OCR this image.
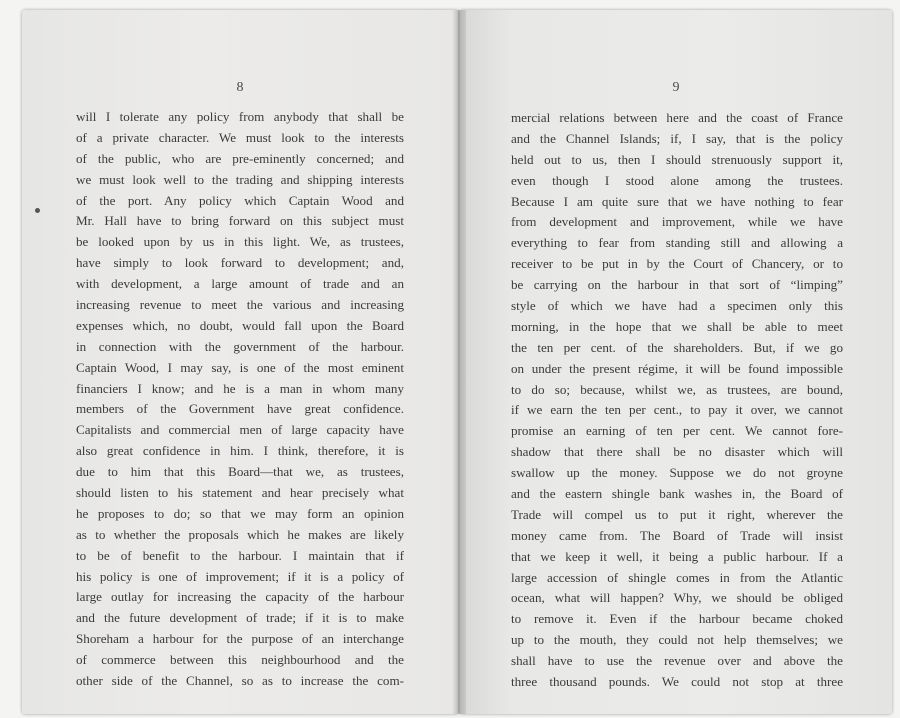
8
will I tolerate any policy from anybody that shall be
of a private character. We must look to the interests
of the public, who are pre-eminently concerned; and
we must look well to the trading and shipping interests
of the port. Any policy which Captain Wood and
Mr. Hall have to bring forward on this subject must
be looked upon by us in this light. We, as trustees,
have simply to look forward to development; and,
with development, a large amount of trade and an
increasing revenue to meet the various and increasing
expenses which, no doubt, would fall upon the Board
in connection with the government of the harbour.
Captain Wood, I may say, is one of the most eminent
financiers I know; and he is a man in whom many
members of the Government have great confidence.
Capitalists and commercial men of large capacity have
also great confidence in him. I think, therefore, it is
due to him that this Board—that we, as trustees,
should listen to his statement and hear precisely what
he proposes to do; so that we may form an opinion
as to whether the proposals which he makes are likely
to be of benefit to the harbour. I maintain that if
his policy is one of improvement; if it is a policy of
large outlay for increasing the capacity of the harbour
and the future development of trade; if it is to make
Shoreham a harbour for the purpose of an interchange
of commerce between this neighbourhood and the
other side of the Channel, so as to increase the com-
9
mercial relations between here and the coast of France
and the Channel Islands; if, I say, that is the policy
held out to us, then I should strenuously support it,
even though I stood alone among the trustees.
Because I am quite sure that we have nothing to fear
from development and improvement, while we have
everything to fear from standing still and allowing a
receiver to be put in by the Court of Chancery, or to
be carrying on the harbour in that sort of “limping”
style of which we have had a specimen only this
morning, in the hope that we shall be able to meet
the ten per cent. of the shareholders. But, if we go
on under the present régime, it will be found impossible
to do so; because, whilst we, as trustees, are bound,
if we earn the ten per cent., to pay it over, we cannot
promise an earning of ten per cent. We cannot fore-
shadow that there shall be no disaster which will
swallow up the money. Suppose we do not groyne
and the eastern shingle bank washes in, the Board of
Trade will compel us to put it right, wherever the
money came from. The Board of Trade will insist
that we keep it well, it being a public harbour. If a
large accession of shingle comes in from the Atlantic
ocean, what will happen? Why, we should be obliged
to remove it. Even if the harbour became choked
up to the mouth, they could not help themselves; we
shall have to use the revenue over and above the
three thousand pounds. We could not stop at three
